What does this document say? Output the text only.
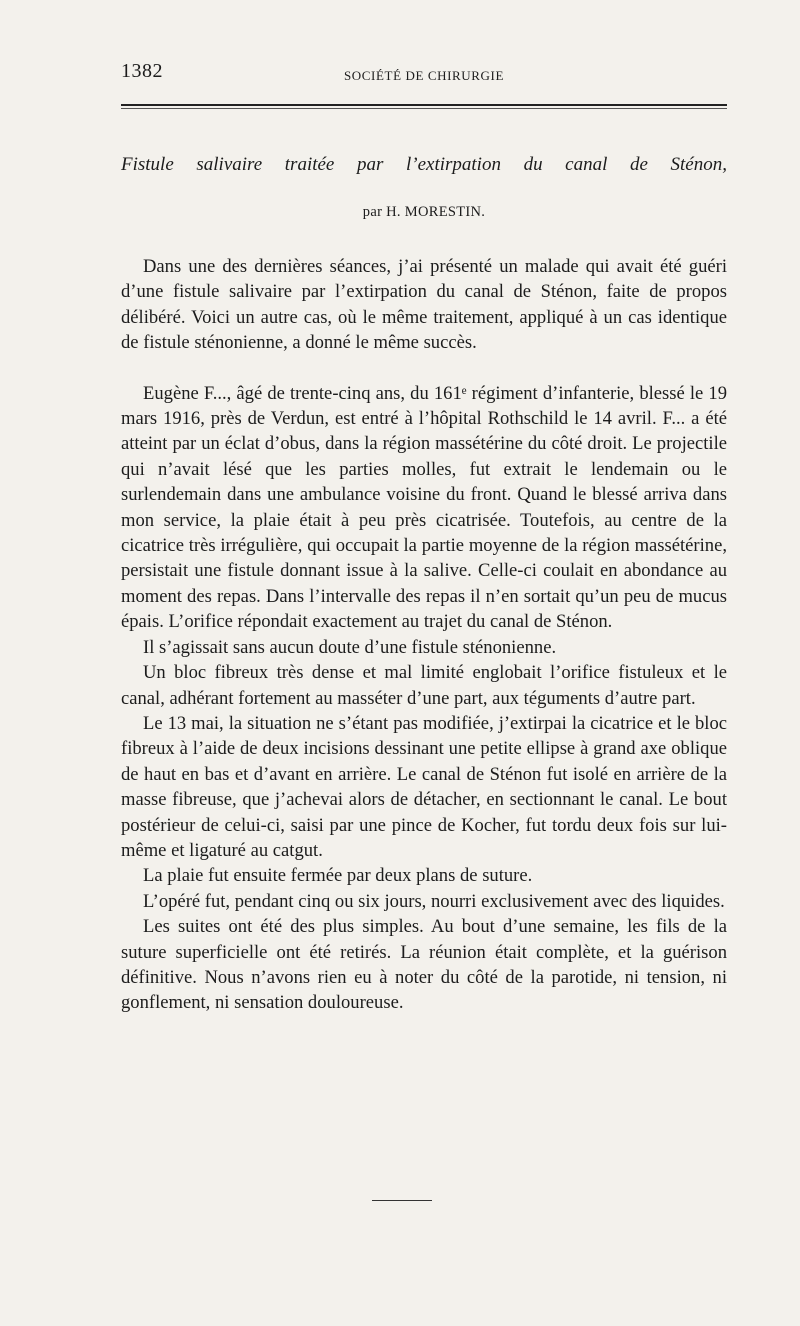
1382	SOCIÉTÉ DE CHIRURGIE
Fistule salivaire traitée par l’extirpation du canal de Sténon,
par H. MORESTIN.

Dans une des dernières séances, j’ai présenté un malade qui avait été guéri d’une fistule salivaire par l’extirpation du canal de Sténon, faite de propos délibéré. Voici un autre cas, où le même traitement, appliqué à un cas identique de fistule sténonienne, a donné le même succès.

Eugène F..., âgé de trente-cinq ans, du 161ᵉ régiment d’infanterie, blessé le 19 mars 1916, près de Verdun, est entré à l’hôpital Rothschild le 14 avril. F... a été atteint par un éclat d’obus, dans la région massétérine du côté droit. Le projectile qui n’avait lésé que les parties molles, fut extrait le lendemain ou le surlendemain dans une ambulance voisine du front. Quand le blessé arriva dans mon service, la plaie était à peu près cicatrisée. Toutefois, au centre de la cicatrice très irrégulière, qui occupait la partie moyenne de la région massétérine, persistait une fistule donnant issue à la salive. Celle-ci coulait en abondance au moment des repas. Dans l’intervalle des repas il n’en sortait qu’un peu de mucus épais. L’orifice répondait exactement au trajet du canal de Sténon.

Il s’agissait sans aucun doute d’une fistule sténonienne.

Un bloc fibreux très dense et mal limité englobait l’orifice fistuleux et le canal, adhérant fortement au masséter d’une part, aux téguments d’autre part.

Le 13 mai, la situation ne s’étant pas modifiée, j’extirpai la cicatrice et le bloc fibreux à l’aide de deux incisions dessinant une petite ellipse à grand axe oblique de haut en bas et d’avant en arrière. Le canal de Sténon fut isolé en arrière de la masse fibreuse, que j’achevai alors de détacher, en sectionnant le canal. Le bout postérieur de celui-ci, saisi par une pince de Kocher, fut tordu deux fois sur lui-même et ligaturé au catgut.

La plaie fut ensuite fermée par deux plans de suture.

L’opéré fut, pendant cinq ou six jours, nourri exclusivement avec des liquides.

Les suites ont été des plus simples. Au bout d’une semaine, les fils de la suture superficielle ont été retirés. La réunion était complète, et la guérison définitive. Nous n’avons rien eu à noter du côté de la parotide, ni tension, ni gonflement, ni sensation douloureuse.
